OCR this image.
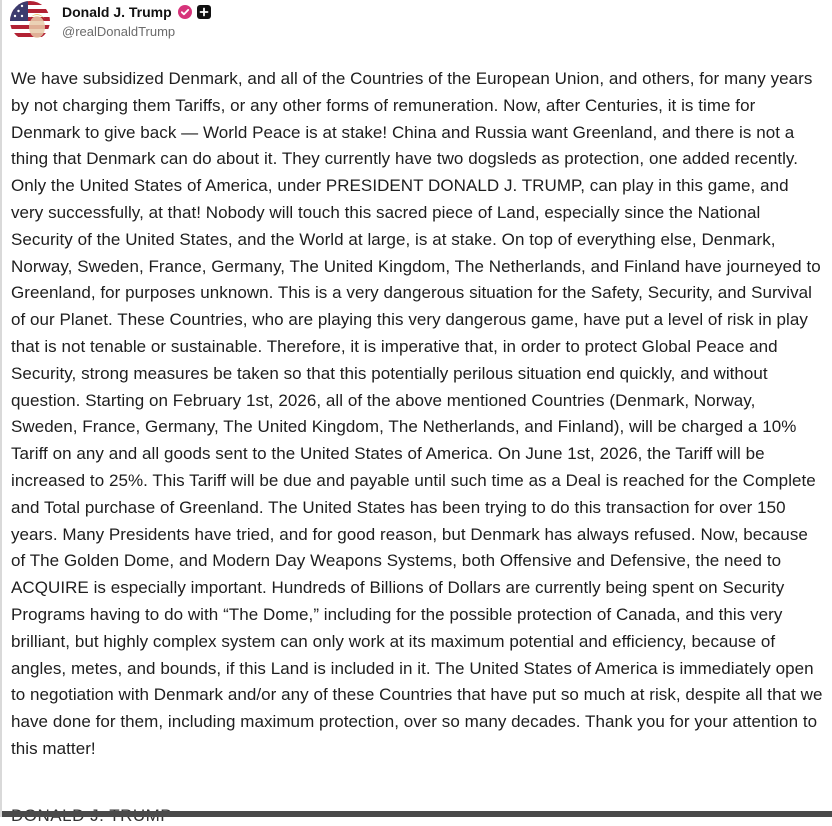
Donald J. Trump
@realDonaldTrump
We have subsidized Denmark, and all of the Countries of the European Union, and others, for many years by not charging them Tariffs, or any other forms of remuneration. Now, after Centuries, it is time for Denmark to give back — World Peace is at stake! China and Russia want Greenland, and there is not a thing that Denmark can do about it. They currently have two dogsleds as protection, one added recently. Only the United States of America, under PRESIDENT DONALD J. TRUMP, can play in this game, and very successfully, at that! Nobody will touch this sacred piece of Land, especially since the National Security of the United States, and the World at large, is at stake. On top of everything else, Denmark, Norway, Sweden, France, Germany, The United Kingdom, The Netherlands, and Finland have journeyed to Greenland, for purposes unknown. This is a very dangerous situation for the Safety, Security, and Survival of our Planet. These Countries, who are playing this very dangerous game, have put a level of risk in play that is not tenable or sustainable. Therefore, it is imperative that, in order to protect Global Peace and Security, strong measures be taken so that this potentially perilous situation end quickly, and without question. Starting on February 1st, 2026, all of the above mentioned Countries (Denmark, Norway, Sweden, France, Germany, The United Kingdom, The Netherlands, and Finland), will be charged a 10% Tariff on any and all goods sent to the United States of America. On June 1st, 2026, the Tariff will be increased to 25%. This Tariff will be due and payable until such time as a Deal is reached for the Complete and Total purchase of Greenland. The United States has been trying to do this transaction for over 150 years. Many Presidents have tried, and for good reason, but Denmark has always refused. Now, because of The Golden Dome, and Modern Day Weapons Systems, both Offensive and Defensive, the need to ACQUIRE is especially important. Hundreds of Billions of Dollars are currently being spent on Security Programs having to do with “The Dome,” including for the possible protection of Canada, and this very brilliant, but highly complex system can only work at its maximum potential and efficiency, because of angles, metes, and bounds, if this Land is included in it. The United States of America is immediately open to negotiation with Denmark and/or any of these Countries that have put so much at risk, despite all that we have done for them, including maximum protection, over so many decades. Thank you for your attention to this matter!
